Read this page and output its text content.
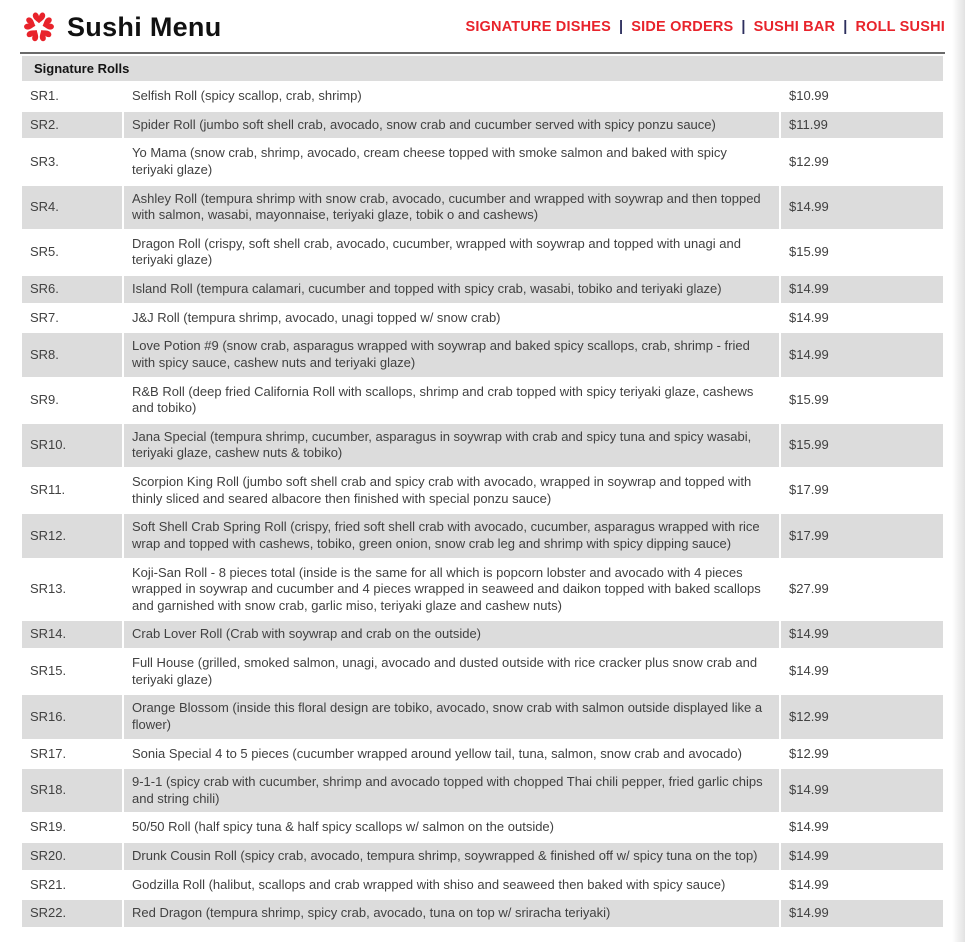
Sushi Menu	SIGNATURE DISHES | SIDE ORDERS | SUSHI BAR | ROLL SUSHI
Signature Rolls		
SR1.	Selfish Roll (spicy scallop, crab, shrimp)	$10.99
SR2.	Spider Roll (jumbo soft shell crab, avocado, snow crab and cucumber served with spicy ponzu sauce)	$11.99
SR3.	Yo Mama (snow crab, shrimp, avocado, cream cheese topped with smoke salmon and baked with spicy teriyaki glaze)	$12.99
SR4.	Ashley Roll (tempura shrimp with snow crab, avocado, cucumber and wrapped with soywrap and then topped with salmon, wasabi, mayonnaise, teriyaki glaze, tobik o and cashews)	$14.99
SR5.	Dragon Roll (crispy, soft shell crab, avocado, cucumber, wrapped with soywrap and topped with unagi and teriyaki glaze)	$15.99
SR6.	Island Roll (tempura calamari, cucumber and topped with spicy crab, wasabi, tobiko and teriyaki glaze)	$14.99
SR7.	J&J Roll (tempura shrimp, avocado, unagi topped w/ snow crab)	$14.99
SR8.	Love Potion #9 (snow crab, asparagus wrapped with soywrap and baked spicy scallops, crab, shrimp - fried with spicy sauce, cashew nuts and teriyaki glaze)	$14.99
SR9.	R&B Roll (deep fried California Roll with scallops, shrimp and crab topped with spicy teriyaki glaze, cashews and tobiko)	$15.99
SR10.	Jana Special (tempura shrimp, cucumber, asparagus in soywrap with crab and spicy tuna and spicy wasabi, teriyaki glaze, cashew nuts & tobiko)	$15.99
SR11.	Scorpion King Roll (jumbo soft shell crab and spicy crab with avocado, wrapped in soywrap and topped with thinly sliced and seared albacore then finished with special ponzu sauce)	$17.99
SR12.	Soft Shell Crab Spring Roll (crispy, fried soft shell crab with avocado, cucumber, asparagus wrapped with rice wrap and topped with cashews, tobiko, green onion, snow crab leg and shrimp with spicy dipping sauce)	$17.99
SR13.	Koji-San Roll - 8 pieces total (inside is the same for all which is popcorn lobster and avocado with 4 pieces wrapped in soywrap and cucumber and 4 pieces wrapped in seaweed and daikon topped with baked scallops and garnished with snow crab, garlic miso, teriyaki glaze and cashew nuts)	$27.99
SR14.	Crab Lover Roll (Crab with soywrap and crab on the outside)	$14.99
SR15.	Full House (grilled, smoked salmon, unagi, avocado and dusted outside with rice cracker plus snow crab and teriyaki glaze)	$14.99
SR16.	Orange Blossom (inside this floral design are tobiko, avocado, snow crab with salmon outside displayed like a flower)	$12.99
SR17.	Sonia Special 4 to 5 pieces (cucumber wrapped around yellow tail, tuna, salmon, snow crab and avocado)	$12.99
SR18.	9-1-1 (spicy crab with cucumber, shrimp and avocado topped with chopped Thai chili pepper, fried garlic chips and string chili)	$14.99
SR19.	50/50 Roll (half spicy tuna & half spicy scallops w/ salmon on the outside)	$14.99
SR20.	Drunk Cousin Roll (spicy crab, avocado, tempura shrimp, soywrapped & finished off w/ spicy tuna on the top)	$14.99
SR21.	Godzilla Roll (halibut, scallops and crab wrapped with shiso and seaweed then baked with spicy sauce)	$14.99
SR22.	Red Dragon (tempura shrimp, spicy crab, avocado, tuna on top w/ sriracha teriyaki)	$14.99
